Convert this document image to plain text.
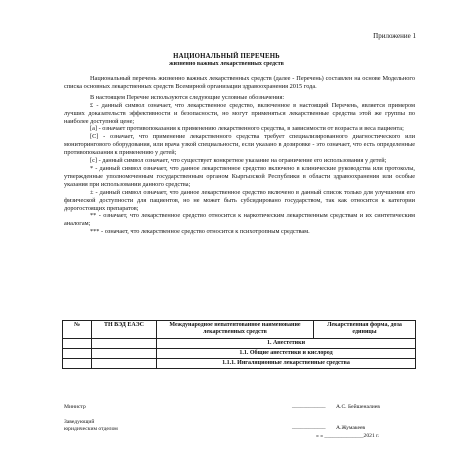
Приложение 1
НАЦИОНАЛЬНЫЙ ПЕРЕЧЕНЬ
жизненно важных лекарственных средств

Национальный перечень жизненно важных лекарственных средств (далее - Перечень) составлен на основе Модельного списка основных лекарственных средств Всемирной организации здравоохранения 2015 года.

В настоящем Перечне используются следующие условные обозначения:

£ - данный символ означает, что лекарственное средство, включенное в настоящий Перечень, является примером лучших доказательств эффективности и безопасности, но могут применяться лекарственные средства этой же группы по наиболее доступной цене;

[a] - означает противопоказания к применению лекарственного средства, в зависимости от возраста и веса пациента;

[C] - означает, что применение лекарственного средства требует специализированного диагностического или мониторингового оборудования, или врача узкой специальности, если указано в дозировке - это означает, что есть определенные противопоказания к применению у детей;

[c] - данный символ означает, что существует конкретное указание на ограничение его использования у детей;

* - данный символ означает, что данное лекарственное средство включено в клинические руководства или протоколы, утвержденные уполномоченным государственным органом Кыргызской Республики в области здравоохранения или особые указания при использовании данного средства;

± - данный символ означает, что данное лекарственное средство включено в данный список только для улучшения его физической доступности для пациентов, но не может быть субсидировано государством, так как относится к категории дорогостоящих препаратов;

** - означает, что лекарственное средство относится к наркотическим лекарственным средствам и их синтетическим аналогам;

*** - означает, что лекарственное средство относится к психотропным средствам.

№	ТН ВЭД ЕАЭС	Международное непатентованное наименование лекарственных средств	Лекарственная форма, доза единицы
		1. Анестетики	
		1.1. Общие анестетики и кислород	
		1.1.1. Ингаляционные лекарственные средства	
Министр	____________ А.С. Бейшеналиев
Заведующий
юридическим отделом	____________ А.Жумакеев
« » ______________2021 г.
